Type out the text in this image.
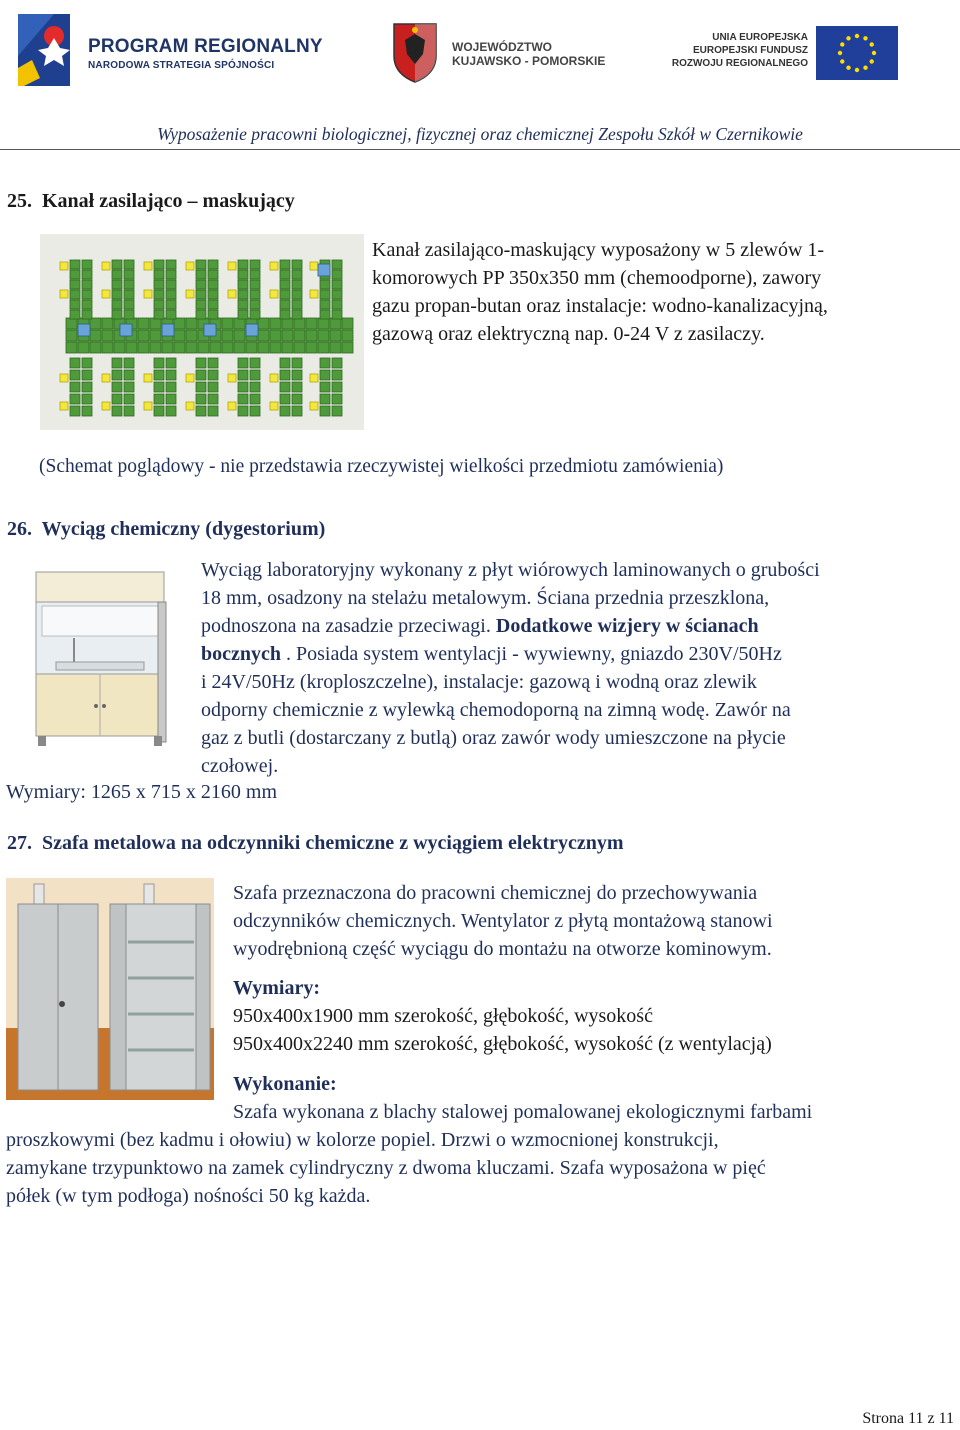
PROGRAM REGIONALNY
NARODOWA STRATEGIA SPÓJNOŚCI
WOJEWÓDZTWO
KUJAWSKO - POMORSKIE
UNIA EUROPEJSKA
EUROPEJSKI FUNDUSZ
ROZWOJU REGIONALNEGO
Wyposażenie pracowni biologicznej, fizycznej oraz chemicznej Zespołu Szkół w Czernikowie
25.  Kanał zasilająco – maskujący
Kanał zasilająco-maskujący wyposażony w 5 zlewów 1-
komorowych PP 350x350 mm (chemoodporne), zawory
gazu propan-butan oraz instalacje: wodno-kanalizacyjną,
gazową oraz elektryczną nap. 0-24 V z zasilaczy.
(Schemat poglądowy - nie przedstawia rzeczywistej wielkości przedmiotu zamówienia)
26.  Wyciąg chemiczny (dygestorium)
Wyciąg laboratoryjny wykonany z płyt wiórowych laminowanych o grubości
18 mm, osadzony na stelażu metalowym. Ściana przednia przeszklona,
podnoszona na zasadzie przeciwagi. Dodatkowe wizjery w ścianach
bocznych . Posiada system wentylacji - wywiewny, gniazdo 230V/50Hz
i 24V/50Hz (kroploszczelne), instalacje: gazową i wodną oraz zlewik
odporny chemicznie z wylewką chemodoporną na zimną wodę. Zawór na
gaz z butli (dostarczany z butlą) oraz zawór wody umieszczone na płycie
czołowej.
Wymiary: 1265 x 715 x 2160 mm
27.  Szafa metalowa na odczynniki chemiczne z wyciągiem elektrycznym
Szafa przeznaczona do pracowni chemicznej do przechowywania
odczynników chemicznych. Wentylator z płytą montażową stanowi
wyodrębnioną część wyciągu do montażu na otworze kominowym.
Wymiary:
950x400x1900 mm szerokość, głębokość, wysokość
950x400x2240 mm szerokość, głębokość, wysokość (z wentylacją)
Wykonanie:
Szafa wykonana z blachy stalowej pomalowanej ekologicznymi farbami
proszkowymi (bez kadmu i ołowiu) w kolorze popiel. Drzwi o wzmocnionej konstrukcji,
zamykane trzypunktowo na zamek cylindryczny z dwoma kluczami. Szafa wyposażona w pięć
półek (w tym podłoga) nośności 50 kg każda.
Strona 11 z 11
